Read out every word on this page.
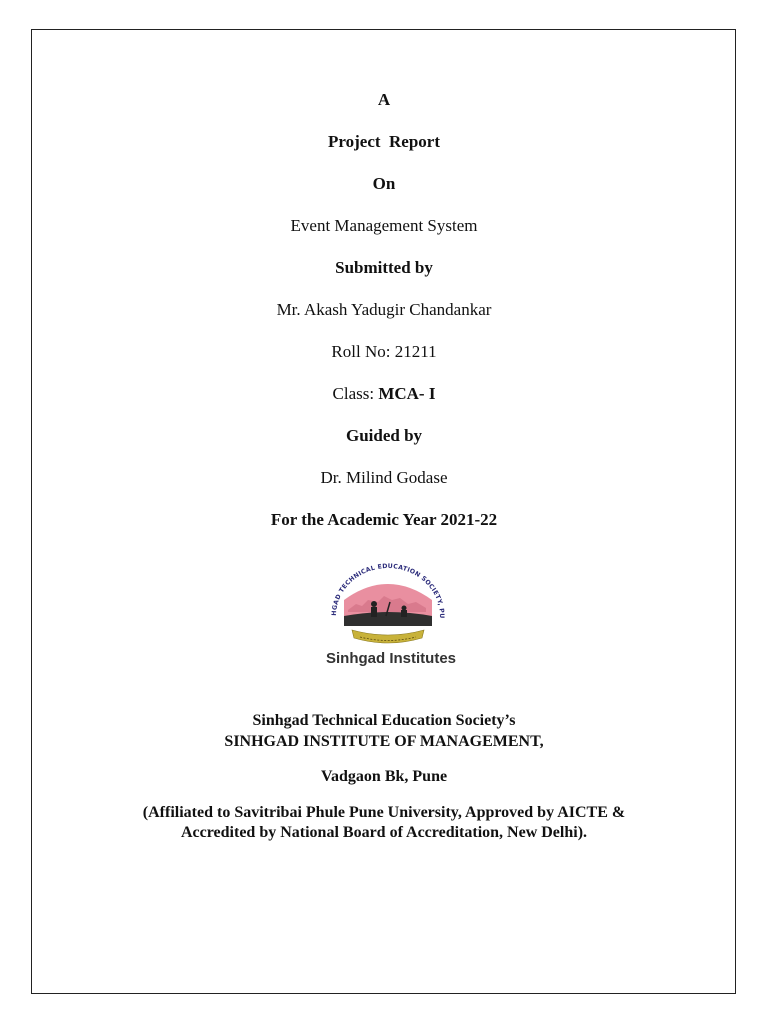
A
Project  Report
On
Event Management System
Submitted by
Mr. Akash Yadugir Chandankar
Roll No: 21211
Class: MCA- I
Guided by
Dr. Milind Godase
For the Academic Year 2021-22
HGAD TECHNICAL EDUCATION SOCIETY, PU
Sinhgad Institutes
Sinhgad Technical Education Society’s
SINHGAD INSTITUTE OF MANAGEMENT,
Vadgaon Bk, Pune
(Affiliated to Savitribai Phule Pune University, Approved by AICTE & Accredited by National Board of Accreditation, New Delhi).
